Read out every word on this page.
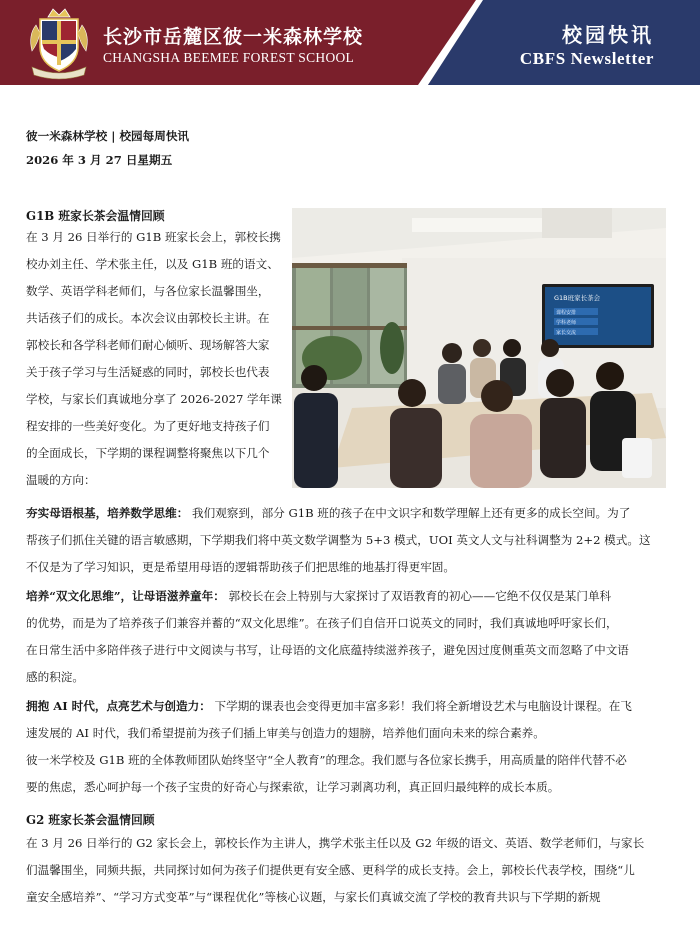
长沙市岳麓区彼一米森林学校
CHANGSHA BEEMEE FOREST SCHOOL
校园快讯
CBFS Newsletter
彼一米森林学校 | 校园每周快讯
2026 年 3 月 27 日星期五
G1B 班家长茶会温情回顾
在 3 月 26 日举行的 G1B 班家长会上，郭校长携
校办刘主任、学术张主任，以及 G1B 班的语文、
数学、英语学科老师们，与各位家长温馨围坐，
共话孩子们的成长。本次会议由郭校长主讲。在
郭校长和各学科老师们耐心倾听、现场解答大家
关于孩子学习与生活疑惑的同时，郭校长也代表
学校，与家长们真诚地分享了 2026-2027 学年课
程安排的一些美好变化。为了更好地支持孩子们
的全面成长，下学期的课程调整将聚焦以下几个
温暖的方向：
G1B班家长茶会
课程安排
学科老师
家长交流
夯实母语根基，培养数学思维： 我们观察到，部分 G1B 班的孩子在中文识字和数学理解上还有更多的成长空间。为了
帮孩子们抓住关键的语言敏感期，下学期我们将中英文数学调整为 5+3 模式，UOI 英文人文与社科调整为 2+2 模式。这
不仅是为了学习知识，更是希望用母语的逻辑帮助孩子们把思维的地基打得更牢固。
培养“双文化思维”，让母语滋养童年： 郭校长在会上特别与大家探讨了双语教育的初心——它绝不仅仅是某门单科
的优势，而是为了培养孩子们兼容并蓄的“双文化思维”。在孩子们自信开口说英文的同时，我们真诚地呼吁家长们，
在日常生活中多陪伴孩子进行中文阅读与书写，让母语的文化底蕴持续滋养孩子，避免因过度侧重英文而忽略了中文语
感的积淀。
拥抱 AI 时代，点亮艺术与创造力： 下学期的课表也会变得更加丰富多彩！我们将全新增设艺术与电脑设计课程。在飞
速发展的 AI 时代，我们希望提前为孩子们插上审美与创造力的翅膀，培养他们面向未来的综合素养。
彼一米学校及 G1B 班的全体教师团队始终坚守“全人教育”的理念。我们愿与各位家长携手，用高质量的陪伴代替不必
要的焦虑，悉心呵护每一个孩子宝贵的好奇心与探索欲，让学习剥离功利，真正回归最纯粹的成长本质。
G2 班家长茶会温情回顾
在 3 月 26 日举行的 G2 家长会上，郭校长作为主讲人，携学术张主任以及 G2 年级的语文、英语、数学老师们，与家长
们温馨围坐，同频共振，共同探讨如何为孩子们提供更有安全感、更科学的成长支持。会上，郭校长代表学校，围绕“儿
童安全感培养”、“学习方式变革”与“课程优化”等核心议题，与家长们真诚交流了学校的教育共识与下学期的新规
